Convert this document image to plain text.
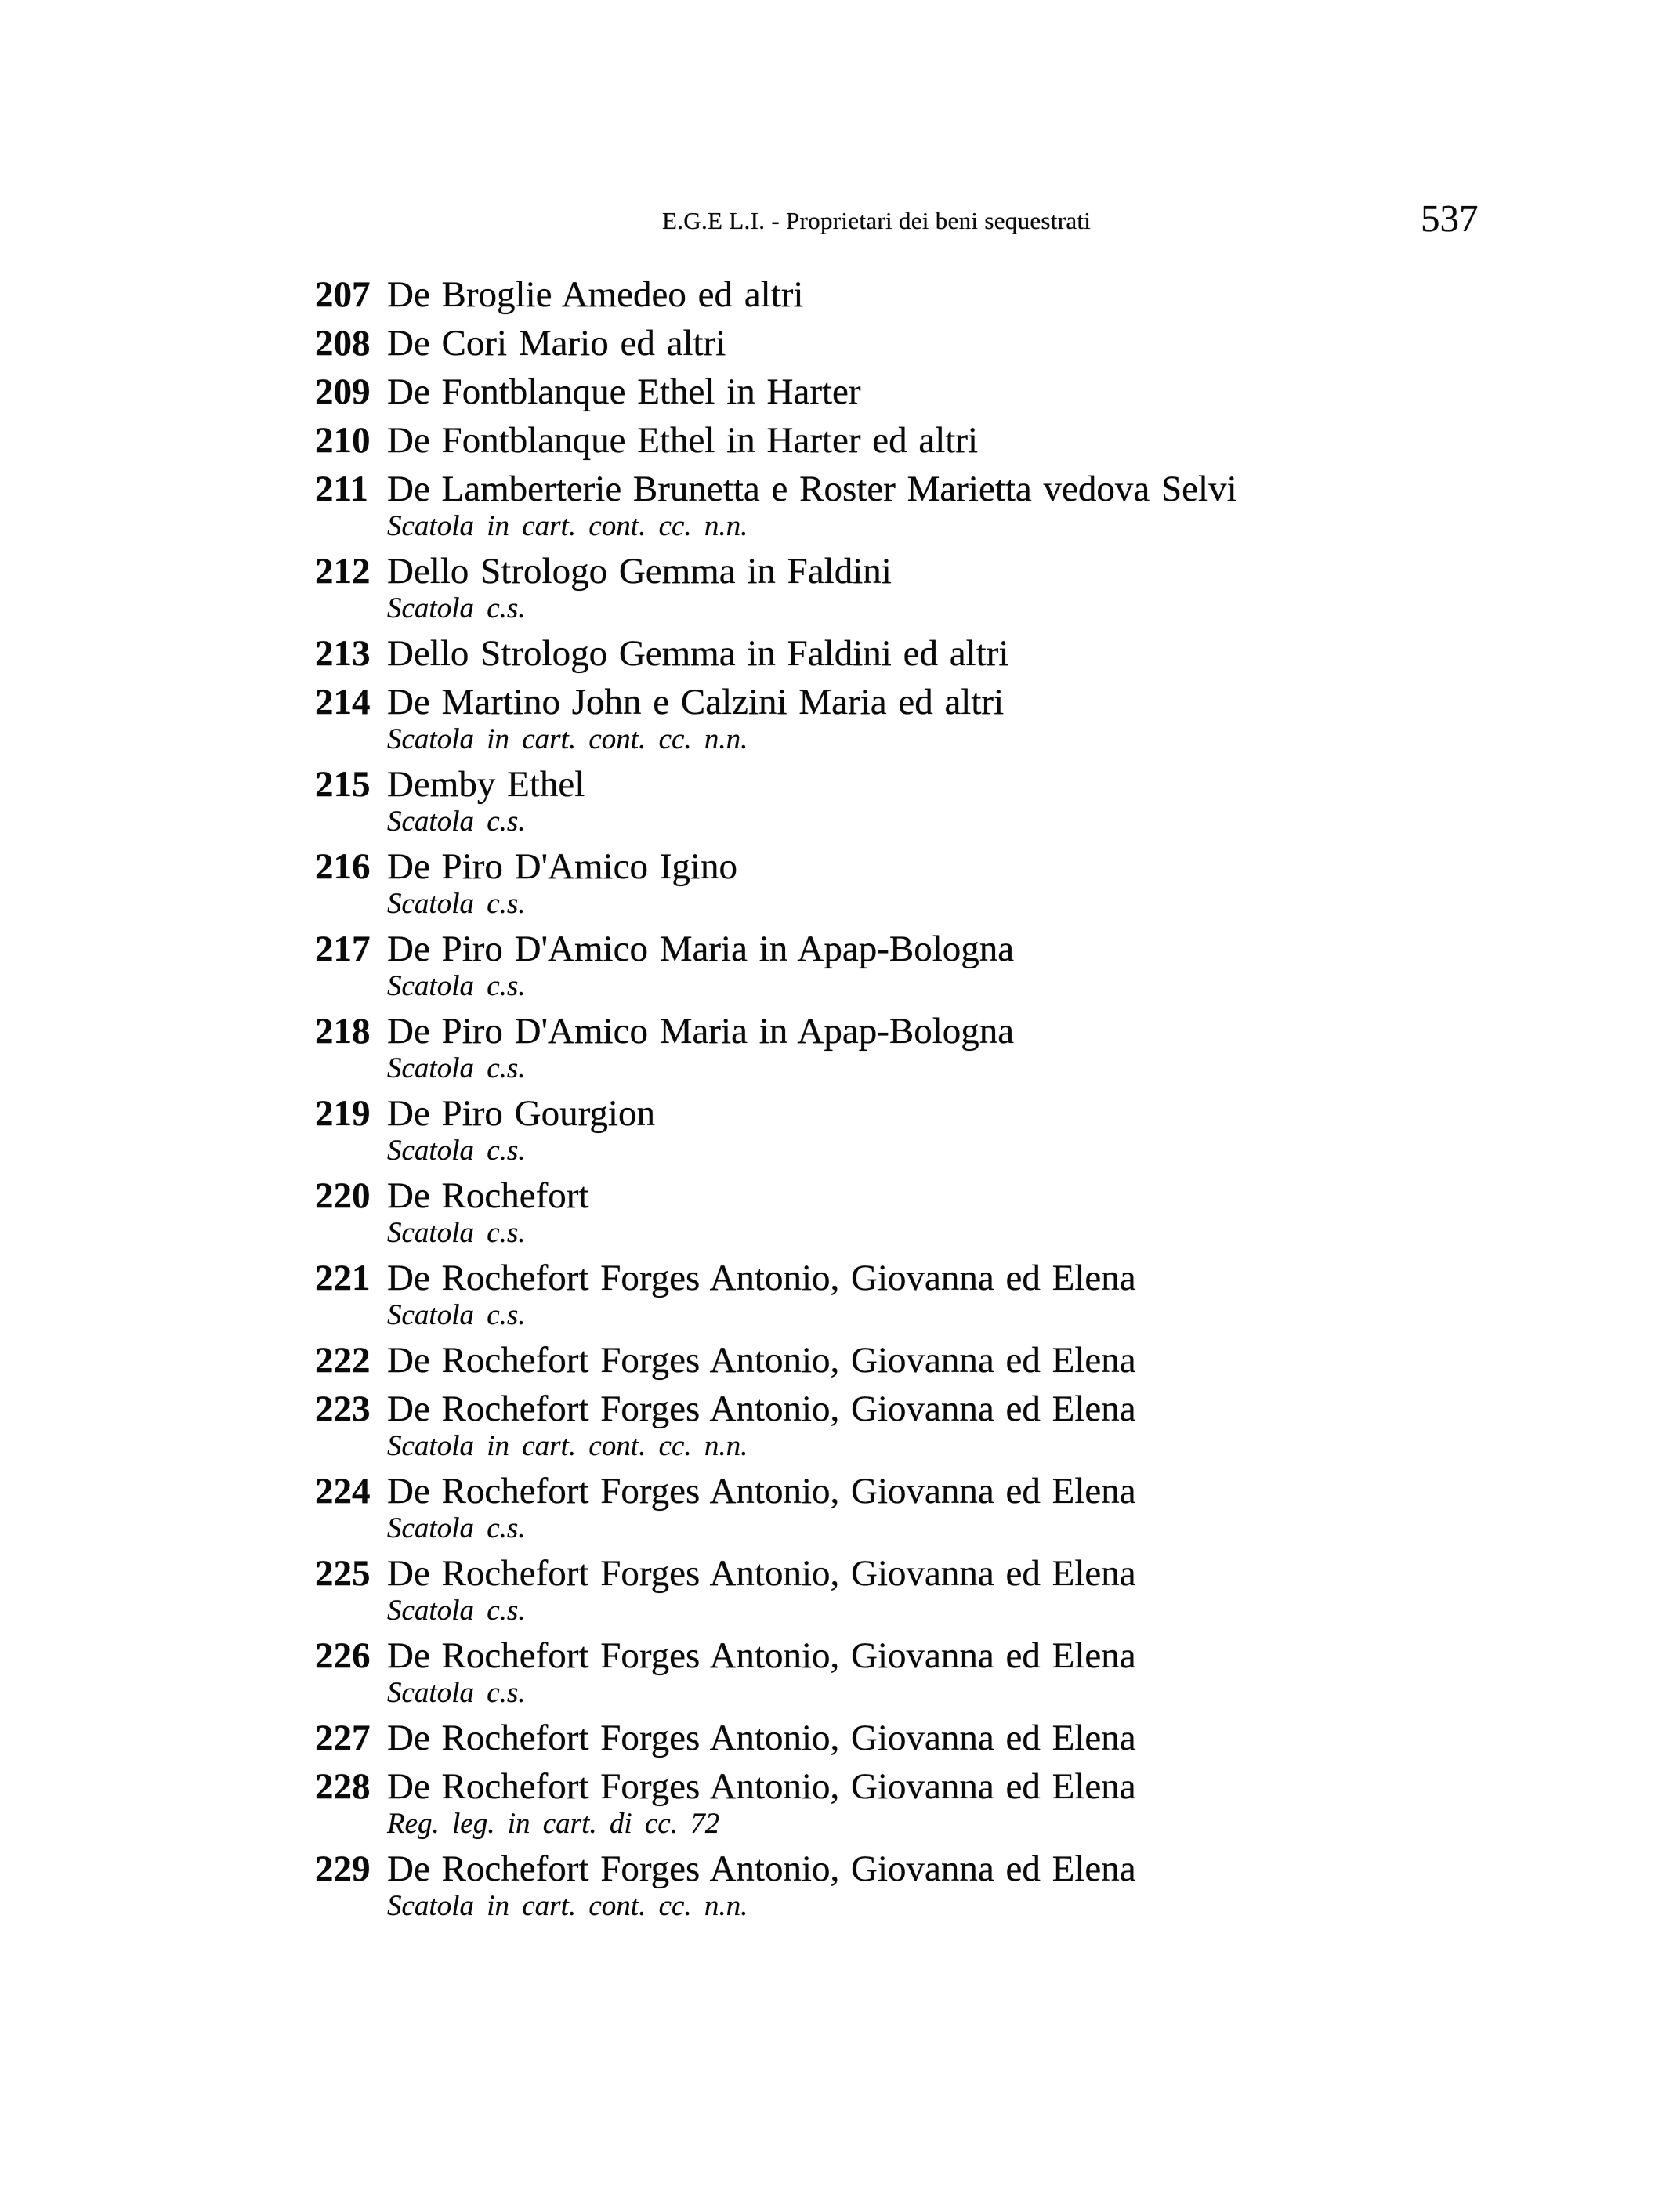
E.G.E L.I. - Proprietari dei beni sequestrati	537
207 De Broglie Amedeo ed altri
208 De Cori Mario ed altri
209 De Fontblanque Ethel in Harter
210 De Fontblanque Ethel in Harter ed altri
211 De Lamberterie Brunetta e Roster Marietta vedova Selvi
Scatola in cart. cont. cc. n.n.
212 Dello Strologo Gemma in Faldini
Scatola c.s.
213 Dello Strologo Gemma in Faldini ed altri
214 De Martino John e Calzini Maria ed altri
Scatola in cart. cont. cc. n.n.
215 Demby Ethel
Scatola c.s.
216 De Piro D'Amico Igino
Scatola c.s.
217 De Piro D'Amico Maria in Apap-Bologna
Scatola c.s.
218 De Piro D'Amico Maria in Apap-Bologna
Scatola c.s.
219 De Piro Gourgion
Scatola c.s.
220 De Rochefort
Scatola c.s.
221 De Rochefort Forges Antonio, Giovanna ed Elena
Scatola c.s.
222 De Rochefort Forges Antonio, Giovanna ed Elena
223 De Rochefort Forges Antonio, Giovanna ed Elena
Scatola in cart. cont. cc. n.n.
224 De Rochefort Forges Antonio, Giovanna ed Elena
Scatola c.s.
225 De Rochefort Forges Antonio, Giovanna ed Elena
Scatola c.s.
226 De Rochefort Forges Antonio, Giovanna ed Elena
Scatola c.s.
227 De Rochefort Forges Antonio, Giovanna ed Elena
228 De Rochefort Forges Antonio, Giovanna ed Elena
Reg. leg. in cart. di cc. 72
229 De Rochefort Forges Antonio, Giovanna ed Elena
Scatola in cart. cont. cc. n.n.
